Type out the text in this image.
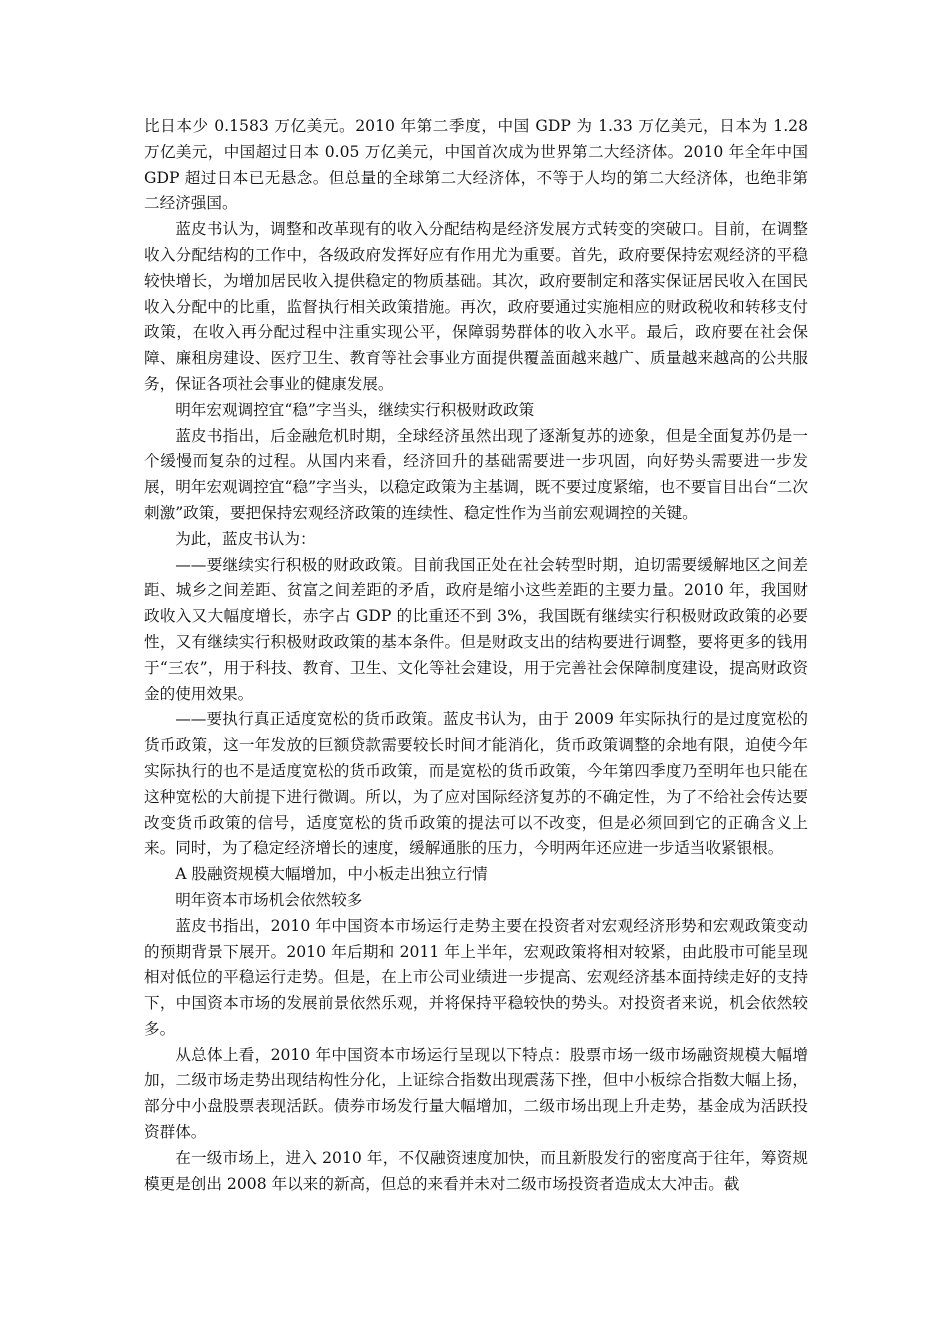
比日本少 0.1583 万亿美元。2010 年第二季度，中国 GDP 为 1.33 万亿美元，日本为 1.28 万亿美元，中国超过日本 0.05 万亿美元，中国首次成为世界第二大经济体。2010 年全年中国 GDP 超过日本已无悬念。但总量的全球第二大经济体，不等于人均的第二大经济体，也绝非第二经济强国。

蓝皮书认为，调整和改革现有的收入分配结构是经济发展方式转变的突破口。目前，在调整收入分配结构的工作中，各级政府发挥好应有作用尤为重要。首先，政府要保持宏观经济的平稳较快增长，为增加居民收入提供稳定的物质基础。其次，政府要制定和落实保证居民收入在国民收入分配中的比重，监督执行相关政策措施。再次，政府要通过实施相应的财政税收和转移支付政策，在收入再分配过程中注重实现公平，保障弱势群体的收入水平。最后，政府要在社会保障、廉租房建设、医疗卫生、教育等社会事业方面提供覆盖面越来越广、质量越来越高的公共服务，保证各项社会事业的健康发展。

明年宏观调控宜“稳”字当头，继续实行积极财政政策

蓝皮书指出，后金融危机时期，全球经济虽然出现了逐渐复苏的迹象，但是全面复苏仍是一个缓慢而复杂的过程。从国内来看，经济回升的基础需要进一步巩固，向好势头需要进一步发展，明年宏观调控宜“稳”字当头，以稳定政策为主基调，既不要过度紧缩，也不要盲目出台“二次刺激”政策，要把保持宏观经济政策的连续性、稳定性作为当前宏观调控的关键。

为此，蓝皮书认为：

——要继续实行积极的财政政策。目前我国正处在社会转型时期，迫切需要缓解地区之间差距、城乡之间差距、贫富之间差距的矛盾，政府是缩小这些差距的主要力量。2010 年，我国财政收入又大幅度增长，赤字占 GDP 的比重还不到 3%，我国既有继续实行积极财政政策的必要性，又有继续实行积极财政政策的基本条件。但是财政支出的结构要进行调整，要将更多的钱用于“三农”，用于科技、教育、卫生、文化等社会建设，用于完善社会保障制度建设，提高财政资金的使用效果。

——要执行真正适度宽松的货币政策。蓝皮书认为，由于 2009 年实际执行的是过度宽松的货币政策，这一年发放的巨额贷款需要较长时间才能消化，货币政策调整的余地有限，迫使今年实际执行的也不是适度宽松的货币政策，而是宽松的货币政策，今年第四季度乃至明年也只能在这种宽松的大前提下进行微调。所以，为了应对国际经济复苏的不确定性，为了不给社会传达要改变货币政策的信号，适度宽松的货币政策的提法可以不改变，但是必须回到它的正确含义上来。同时，为了稳定经济增长的速度，缓解通胀的压力，今明两年还应进一步适当收紧银根。

A 股融资规模大幅增加，中小板走出独立行情

明年资本市场机会依然较多

蓝皮书指出，2010 年中国资本市场运行走势主要在投资者对宏观经济形势和宏观政策变动的预期背景下展开。2010 年后期和 2011 年上半年，宏观政策将相对较紧，由此股市可能呈现相对低位的平稳运行走势。但是，在上市公司业绩进一步提高、宏观经济基本面持续走好的支持下，中国资本市场的发展前景依然乐观，并将保持平稳较快的势头。对投资者来说，机会依然较多。

从总体上看，2010 年中国资本市场运行呈现以下特点：股票市场一级市场融资规模大幅增加，二级市场走势出现结构性分化，上证综合指数出现震荡下挫，但中小板综合指数大幅上扬，部分中小盘股票表现活跃。债券市场发行量大幅增加，二级市场出现上升走势，基金成为活跃投资群体。

在一级市场上，进入 2010 年，不仅融资速度加快，而且新股发行的密度高于往年，筹资规模更是创出 2008 年以来的新高，但总的来看并未对二级市场投资者造成太大冲击。截
